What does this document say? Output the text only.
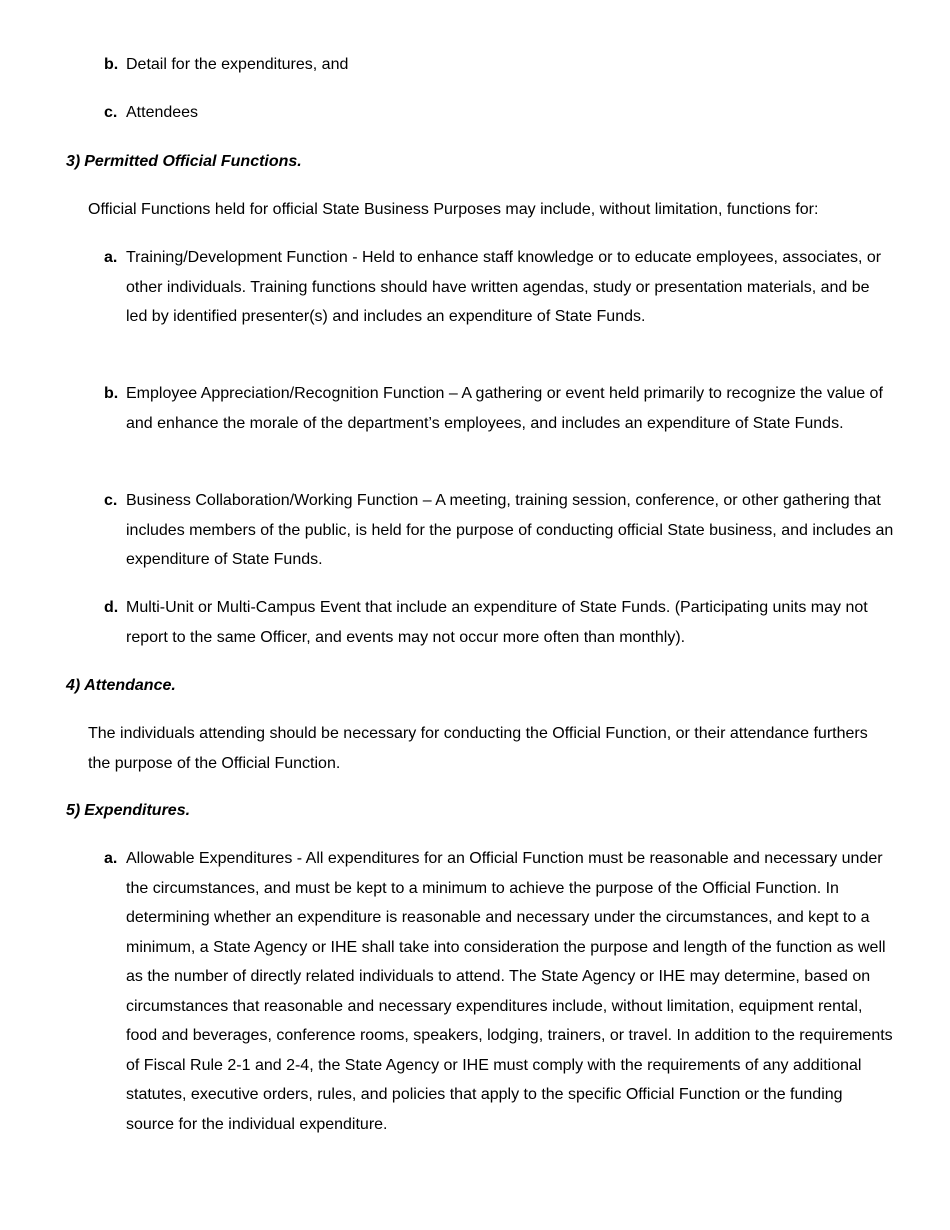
b. Detail for the expenditures, and

c. Attendees

3) Permitted Official Functions.

Official Functions held for official State Business Purposes may include, without limitation, functions for:

a. Training/Development Function - Held to enhance staff knowledge or to educate employees, associates, or other individuals. Training functions should have written agendas, study or presentation materials, and be led by identified presenter(s) and includes an expenditure of State Funds.

b. Employee Appreciation/Recognition Function – A gathering or event held primarily to recognize the value of and enhance the morale of the department’s employees, and includes an expenditure of State Funds.

c. Business Collaboration/Working Function – A meeting, training session, conference, or other gathering that includes members of the public, is held for the purpose of conducting official State business, and includes an expenditure of State Funds.

d. Multi-Unit or Multi-Campus Event that include an expenditure of State Funds. (Participating units may not report to the same Officer, and events may not occur more often than monthly).

4) Attendance.

The individuals attending should be necessary for conducting the Official Function, or their attendance furthers the purpose of the Official Function.

5) Expenditures.

a. Allowable Expenditures - All expenditures for an Official Function must be reasonable and necessary under the circumstances, and must be kept to a minimum to achieve the purpose of the Official Function. In determining whether an expenditure is reasonable and necessary under the circumstances, and kept to a minimum, a State Agency or IHE shall take into consideration the purpose and length of the function as well as the number of directly related individuals to attend. The State Agency or IHE may determine, based on circumstances that reasonable and necessary expenditures include, without limitation, equipment rental, food and beverages, conference rooms, speakers, lodging, trainers, or travel. In addition to the requirements of Fiscal Rule 2-1 and 2-4, the State Agency or IHE must comply with the requirements of any additional statutes, executive orders, rules, and policies that apply to the specific Official Function or the funding source for the individual expenditure.
